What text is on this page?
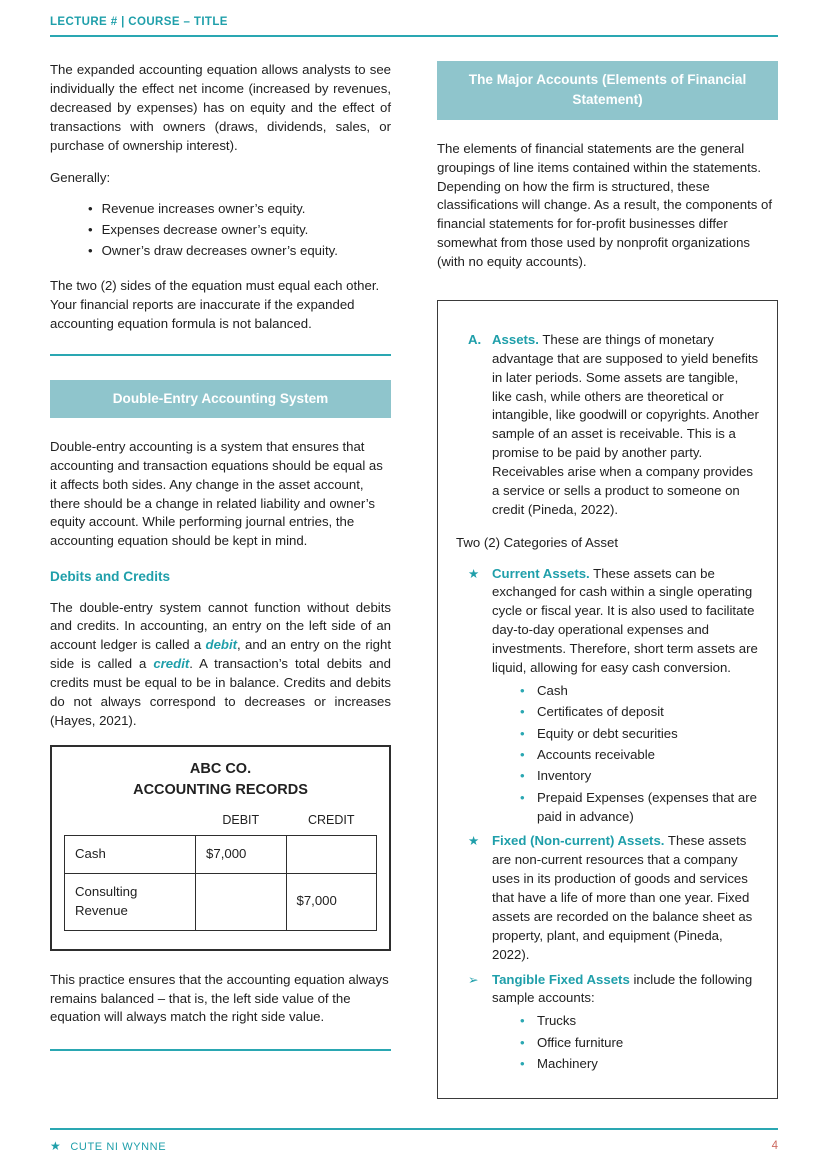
LECTURE # | COURSE – TITLE

The expanded accounting equation allows analysts to see individually the effect net income (increased by revenues, decreased by expenses) has on equity and the effect of transactions with owners (draws, dividends, sales, or purchase of ownership interest).

Generally:

• Revenue increases owner’s equity.
• Expenses decrease owner’s equity.
• Owner’s draw decreases owner’s equity.

The two (2) sides of the equation must equal each other. Your financial reports are inaccurate if the expanded accounting equation formula is not balanced.

Double-Entry Accounting System

Double-entry accounting is a system that ensures that accounting and transaction equations should be equal as it affects both sides. Any change in the asset account, there should be a change in related liability and owner’s equity account. While performing journal entries, the accounting equation should be kept in mind.

Debits and Credits

The double-entry system cannot function without debits and credits. In accounting, an entry on the left side of an account ledger is called a debit, and an entry on the right side is called a credit. A transaction’s total debits and credits must be equal to be in balance. Credits and debits do not always correspond to decreases or increases (Hayes, 2021).

ABC CO.
ACCOUNTING RECORDS
	DEBIT	CREDIT
Cash	$7,000	
Consulting Revenue		$7,000

This practice ensures that the accounting equation always remains balanced – that is, the left side value of the equation will always match the right side value.

The Major Accounts (Elements of Financial Statement)

The elements of financial statements are the general groupings of line items contained within the statements. Depending on how the firm is structured, these classifications will change. As a result, the components of financial statements for for-profit businesses differ somewhat from those used by nonprofit organizations (with no equity accounts).

A. Assets. These are things of monetary advantage that are supposed to yield benefits in later periods. Some assets are tangible, like cash, while others are theoretical or intangible, like goodwill or copyrights. Another sample of an asset is receivable. This is a promise to be paid by another party. Receivables arise when a company provides a service or sells a product to someone on credit (Pineda, 2022).

Two (2) Categories of Asset

★ Current Assets. These assets can be exchanged for cash within a single operating cycle or fiscal year. It is also used to facilitate day-to-day operational expenses and investments. Therefore, short term assets are liquid, allowing for easy cash conversion.
• Cash
• Certificates of deposit
• Equity or debt securities
• Accounts receivable
• Inventory
• Prepaid Expenses (expenses that are paid in advance)
★ Fixed (Non-current) Assets. These assets are non-current resources that a company uses in its production of goods and services that have a life of more than one year. Fixed assets are recorded on the balance sheet as property, plant, and equipment (Pineda, 2022).
➢	Tangible Fixed Assets include the following sample accounts:
• Trucks
• Office furniture
• Machinery
★ CUTE NI WYNNE	4
